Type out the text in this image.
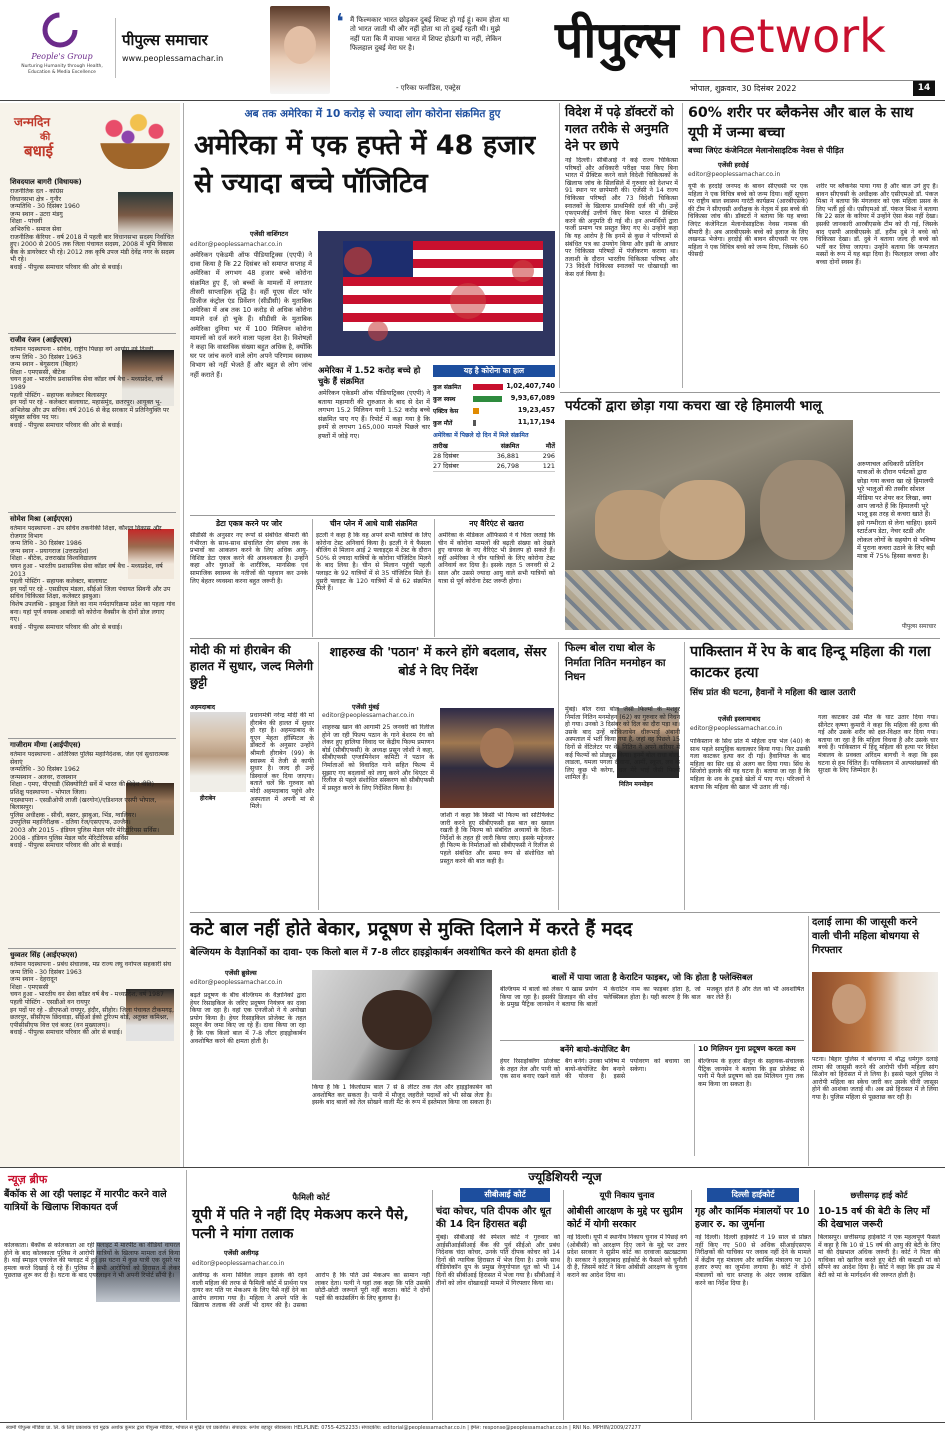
People's Group
Nurturing Humanity through Health, Education & Media Excellence
पीपुल्स समाचार
www.peoplessamachar.in
❛ मैं फिल्मकार भारत छोड़कर दुबई शिफ्ट हो गई हूं। काम होता था तो भारत जाती थी और नहीं होता था तो दुबई रहती थी। मुझे नहीं पता कि मैं वापस भारत में शिफ्ट होऊंगी या नहीं, लेकिन फिलहाल दुबई मेरा घर है।
- एरिका फर्नांडिस, एक्ट्रेस
पीपुल्स network
भोपाल, शुक्रवार, 30 दिसंबर 2022	14
जन्मदिन
की
बधाई
शिवदयाल बागरी (विधायक)
राजनीतिक दल - कांग्रेस
विधानसभा क्षेत्र - गुनौर
जन्मतिथि - 30 दिसंबर 1960
जन्म स्थान - उटरा मंडगु
शिक्षा - पांचवीं
अभिरुचि - समाज सेवा
राजनीतिक कॅरियर - वर्ष 2018 में पहली बार विधानसभा सदस्य निर्वाचित हुए। 2000 से 2005 तक जिला पंचायत सदस्य, 2008 में भूमि विकास बैंक के डायरेक्टर भी रहे। 2012 तक कृषि उपज मंडी देवेंद्र नगर के सदस्य भी रहे।
बधाई - पीपुल्स समाचार परिवार की ओर से बधाई।
राजीव रंजन (आईएएस)
वर्तमान पदस्थापना - सचिव, राष्ट्रीय पिछड़ा वर्ग आयोग नई दिल्ली
जन्म तिथि - 30 दिसंबर 1963
जन्म स्थान - बेगूसराय (बिहार)
शिक्षा - एमएससी, बीटेक
चयन हुआ - भारतीय प्रशासनिक सेवा कॉडर वर्ष बैच - मध्यप्रदेश, वर्ष 1989
पहली पोस्टिंग - सहायक कलेक्टर बिलासपुर
इन पदों पर रहे - कलेक्टर बालाघाट, महासमुंद, छतरपुर। आयुक्त भू-अभिलेख और उप सचिव। वर्ष 2016 से केंद्र सरकार में प्रतिनियुक्ति पर संयुक्त सचिव पद पर।
बधाई - पीपुल्स समाचार परिवार की ओर से बधाई।
सोमेश मिश्रा (आईएएस)
वर्तमान पदस्थापना - उप सचिव तकनीकी शिक्षा, कौशल विकास और रोजगार विभाग
जन्म तिथि - 30 दिसंबर 1986
जन्म स्थान - प्रयागराज (उत्तरप्रदेश)
शिक्षा - बीटेक, उत्तराखंड विश्वविद्यालय
चयन हुआ - भारतीय प्रशासनिक सेवा कॉडर वर्ष बैच - मध्यप्रदेश, वर्ष 2013
पहली पोस्टिंग - सहायक कलेक्टर, बालाघाट
इन पदों पर रहे - एसडीएम मंडला, सीईओ जिला पंचायत सिवनी और उप सचिव चिकित्सा शिक्षा, कलेक्टर झाबुआ।
विशेष उपलब्धि - झाबुआ जिले का नाम नर्मदापरिक्रमा प्रदेश का पहला गांव बना। यहां पूर्ण वयस्क आबादी को कोरोना वैक्सीन के दोनों डोज लगाए गए।
बधाई - पीपुल्स समाचार परिवार की ओर से बधाई।
गाजीराम मीणा (आईपीएस)
वर्तमान पदस्थापना - अतिरिक्त पुलिस महानिदेशक, जेल एवं सुधारात्मक सेवाएं
जन्मतिथि - 30 दिसंबर 1962
जन्मस्थान - अलवर, राजस्थान
शिक्षा - एमए, पीएचडी (सिक्योरिटी सर्वे में भारत की विदेश नीति)
प्रशिक्षु पदस्थापना - भोपाल जिला।
पदस्थापना - एसडीओपी लाजी (खरगोन)/एडिशनल एसपी भोपाल, बिलासपुर।
पुलिस अधीक्षक - सीधी, बस्तर, झाबुआ, भिंड, ग्वालियर।
उपपुलिस महानिरीक्षक - दतिया रेंज/एसएएफ, उज्जैन।
2003 और 2015 - इंडियन पुलिस मेडल फॉर मेरिटोरियस सर्विस। 2008 - इंडियन पुलिस मेडल फॉर मेरिटोरियस सर्विस
बधाई - पीपुल्स समाचार परिवार की ओर से बधाई।
धुव्वतर सिंह (आईएफएस)
वर्तमान पदस्थापना - प्रबंध संचालक, मप्र राज्य लघु वनोपज सहकारी संघ
जन्म तिथि - 30 दिसंबर 1963
जन्म स्थान - देहरादून
शिक्षा - एमएससी
चयन हुआ - भारतीय वन सेवा कॉडर वर्ष बैच - मध्यप्रदेश, वर्ष 1987
पहली पोस्टिंग - एसडीओ वन रायपुर
इन पदों पर रहे - डीएफओ रायपुर, इंदौर, सीहोर। जिला पंचायत टीकमगढ़, छतरपुर, सीसीएफ छिंदवाड़ा, सीईओ ईको टूरिज्म बोर्ड, अतुक्त कमिश्नर, एपीसीसीएफ वित्त एवं बजट (वन मुख्यालय)।
बधाई - पीपुल्स समाचार परिवार की ओर से बधाई।
अब तक अमेरिका में 10 करोड़ से ज्यादा लोग कोरोना संक्रमित हुए
अमेरिका में एक हफ्ते में 48 हजार से ज्यादा बच्चे पॉजिटिव
एजेंसी वाशिंगटन
editor@peoplessamachar.co.in
अमेरिकन एकेडमी ऑफ पीडियाट्रिक्स (एएपी) ने दावा किया है कि 22 दिसंबर को समाप्त सप्ताह में अमेरिका में लगभग 48 हजार बच्चे कोरोना संक्रमित हुए हैं, जो बच्चों के मामलों में लगातार तीसरी साप्ताहिक वृद्धि है। वहीं यूएस सेंटर फॉर डिजीज कंट्रोल एंड प्रिवेंशन (सीडीसी) के मुताबिक अमेरिका में अब तक 10 करोड़ से अधिक कोरोना मामले दर्ज हो चुके हैं। सीडीसी के मुताबिक अमेरिका दुनिया भर में 100 मिलियन कोरोना मामलों को दर्ज करने वाला पहला देश है। विशेषज्ञों ने कहा कि वास्तविक संख्या बहुत अधिक है, क्योंकि घर पर जांच करने वाले लोग अपने परिणाम स्वास्थ्य विभाग को नहीं भेजते हैं और बहुत से लोग जांच नहीं कराते हैं।	अमेरिका में 1.52 करोड़ बच्चे हो चुके हैं संक्रमित
अमेरिकन एकेडमी ऑफ पीडियाट्रिक्स (एएपी) ने बताया महामारी की शुरुआत के बाद से देश में लगभग 15.2 मिलियन यानी 1.52 करोड़ बच्चे संक्रमित पाए गए हैं। रिपोर्ट में कहा गया है कि इनमें से लगभग 165,000 मामले पिछले चार हफ्तों में जोड़े गए।
यह है कोरोना का हाल
कुल संक्रमित	1,02,407,740
कुल स्वस्थ	9,93,67,089
एक्टिव केस	19,23,457
कुल मौतें	11,17,194
अमेरिका में पिछले दो दिन में मिले संक्रमित
तारीख	संक्रमित	मौतें
28 दिसंबर	36,881	296
27 दिसंबर	26,798	121
डेटा एकत्र करने पर जोर
सीडीसी के अनुसार नए रूपों से संबंधित बीमारी की गंभीरता के साथ-साथ संचालित रोग संचय तक के प्रभावों का आकलन करने के लिए अधिक आयु-विशिष्ट डेटा एकत्र करने की आवश्यकता है। उन्होंने कहा और युवाओं के शारीरिक, मानसिक एवं सामाजिक स्वास्थ्य के नतीजों की पहचान कर उनके लिए बेहतर व्यवस्था करना बहुत जरूरी है।
चीन प्लेन में आधे यात्री संक्रमित
इटली ने कहा है कि वह अपने सभी यात्रियों के लिए कोरोना टेस्ट अनिवार्य किया है। इटली ने ये फैसला बीजिंग से मिलान आई 2 फ्लाइट्स में टेस्ट के दौरान 50% से ज्यादा यात्रियों के कोरोना पॉजिटिव मिलने के बाद लिया है। चीन से मिलान पहुंची पहली फ्लाइट के 92 यात्रियों में से 35 पॉजिटिव मिले हैं। दूसरी फ्लाइट के 120 यात्रियों में से 62 संक्रमित मिले हैं।
नए वैरिएंट से खतरा
अमेरिका के मेडिकल ऑफिसर्स ने ये चिंता जताई कि चीन में कोरोना मामलों की बढ़ती संख्या को देखते हुए वायरस के नए वैरिएंट भी डेवलप हो सकते हैं। वहीं अमेरिका ने चीन यात्रियों के लिए कोरोना टेस्ट अनिवार्य कर दिया है। इसके तहत 5 जनवरी से 2 साल और उससे ज्यादा आयु वाले सभी यात्रियों को यात्रा से पूर्व कोरोना टेस्ट जरूरी होगा।
विदेश में पढ़े डॉक्टरों को गलत तरीके से अनुमति देने पर छापे
नई दिल्ली। सीबीआई ने कई राज्य चिकित्सा परिषदों और अधिकारी परीक्षा पास किए बिना भारत में प्रैक्टिस करने वाले विदेशी चिकित्सकों के खिलाफ जांच के सिलसिले में गुरुवार को देशभर में 91 स्थान पर छापेमारी की। एजेंसी ने 14 राज्य चिकित्सा परिषदों और 73 विदेशी चिकित्सा स्नातकों के खिलाफ प्राथमिकी दर्ज की थी। उन्हें एफएमजीई उत्तीर्ण किए बिना भारत में प्रैक्टिस करने की अनुमति दी गई थी। इन अभ्यर्थियों द्वारा फर्जी प्रमाण पत्र प्रस्तुत किए गए थे। उन्होंने कहा कि यह आरोप है कि इनमें से कुछ ने परिणामों से संबंधित पत्र का उपयोग किया और इसी के आधार पर चिकित्सा परिषदों में पंजीकरण कराया था। तलाशी के दौरान भारतीय चिकित्सा परिषद और 73 विदेशी चिकित्सा स्नातकों पर धोखाधड़ी का केस दर्ज किया है।
60% शरीर पर ब्लैकनेस और बाल के साथ यूपी में जन्मा बच्चा
बच्चा जिएंट कंजेनिटल मेलानोसाइटिक नेवस से पीड़ित
एजेंसी हरदोई
editor@peoplessamachar.co.in
यूपी के हरदोई जनपद के बावन सीएचसी पर एक महिला ने एक विचित्र बच्चे को जन्म दिया। वहीं सूचना पर राष्ट्रीय बाल स्वास्थ्य गारंटी कार्यक्रम (आरबीएसके) की टीम ने सीएचसी अधीक्षक के नेतृत्व में इस बच्चे की चिकित्सा जांच की। डॉक्टरों ने बताया कि यह बच्चा जिएंट कंजेनिटल मेलानोसाइटिक नेवस नामक की बीमारी है। अब आरबीएसके बच्चे को इलाज के लिए लखनऊ भेजेगा। हरदोई की बावन सीएचसी पर एक महिला ने एक विचित्र बच्चे को जन्म दिया, जिसके 60 फीसदी
शरीर पर ब्लैकनेस पाया गया है और बाल उगे हुए हैं। बावन सीएचसी के अधीक्षक और एसीएमओ डॉ. पंकज मिश्रा ने बताया कि मंगलवार को एक महिला प्रसव के लिए भर्ती हुई थी। एसीएमओ डॉ. पंकज मिश्रा ने बताया कि 22 साल के करियर में उन्होंने ऐसा केस नहीं देखा। इसकी जानकारी आरबीएसके टीम को दी गई, जिसके बाद एसपी आरबीएसके डॉ. हरीम दुबे ने बच्चे को चिकित्सा देखा। डॉ. दुबे ने बताया जल्द ही बच्चे को भर्ती कर लिया जाएगा। उन्होंने बताया कि जन्मजात मस्सों के रूप में यह बढ़ा दिया है। फिलहाल जच्चा और बच्चा दोनों स्वस्थ हैं।
पर्यटकों द्वारा छोड़ा गया कचरा खा रहे हिमालयी भालू
अरुणाचल अधिकारी प्रतिदिन यात्राओं के दौरान पर्यटकों द्वारा छोड़ा गया कचरा खा रहे हिमालयी भूरे भालुओं की तस्वीर सोशल मीडिया पर शेयर कर लिखा, क्या आप जानते हैं कि हिमालयी भूरे भालू इस तरह से कचरा खाते हैं। इसे गम्भीरता से लेना चाहिए। इसमें स्टार्टअप डेटा, नेचर स्टडी और लोकल लोगों के सहयोग से भविष्य में पुराना कचरा उठाने के लिए बड़ी मात्रा में 75% हिस्सा कचरा है।
पीपुल्स समाचार
मोदी की मां हीराबेन की हालत में सुधार, जल्द मिलेगी छुट्टी
अहमदाबाद
हीराबेन
प्रधानमंत्री नरेन्द्र मोदी की मां हीराबेन की हालत में सुधार हो रहा है। अहमदाबाद के यूएन मेहता हॉस्पिटल के डॉक्टरों के अनुसार उन्होंने श्रीमती हीराबेन (99) के स्वास्थ्य में तेजी से काफी सुधार है। जल्द ही उन्हें डिस्चार्ज कर दिया जाएगा। बताते चलें कि गुरुवार को मोदी अहमदाबाद पहुंचे और अस्पताल में अपनी मां से मिले।
शाहरुख की 'पठान' में करने होंगे बदलाव, सेंसर बोर्ड ने दिए निर्देश
एजेंसी मुंबई
editor@peoplessamachar.co.in
शाहरुख खान की आगामी 25 जनवरी को रिलीज होने जा रही फिल्म पठान के गाने बेशरम रंग को लेकर हुए हालिया विवाद पर केंद्रीय फिल्म प्रमाणन बोर्ड (सीबीएफसी) के अध्यक्ष प्रसून जोशी ने कहा, सीबीएफसी एग्जामिनेशन कमिटी ने पठान के निर्माताओं को विवादित गाने सहित फिल्म में सुझाए गए बदलावों को लागू करने और थिएटर में रिलीज से पहले संशोधित संस्करण को सीबीएफसी में प्रस्तुत करने के लिए निर्देशित किया है।
जोशी ने कहा कि किसी भी फिल्म को सर्टिफिकेट जारी करने हुए सीबीएफसी इस बात का ख्याल रखती है कि फिल्म को संबंधित अध्यायों के दिशा-निर्देशों के तहत ही जारी किया जाए। इसके मद्देनजर ही फिल्म के निर्माताओं को सीबीएफसी ने रिलीज से पहले संबंधित और समग्र रूप से संशोधित को प्रस्तुत करने की बात कही है।
फिल्म बोल राधा बोल के निर्माता नितिन मनमोहन का निधन
नितिन मनमोहन
मुंबई। बोल राधा बोल जैसी फिल्मों के मशहूर निर्माता नितिन मनमोहन (62) का गुरुवार को निधन हो गया। उनको 3 दिसंबर को दिल का दौरा पड़ा था। उसके बाद उन्हें कोकिलाबेन धीरूभाई अंबानी अस्पताल में भर्ती किया गया है, जहां वह पिछले 15 दिनों से वेंटिलेटर पर थे। नितिन ने अपने करियर में कई फिल्मों को प्रोड्यूस किया। इनमें बोल राधा बोल, लाडला, यमला पगला दीवाना, आर्मी, स्कूल, लव के लिए कुछ भी करेगा, चल मेरे भाई जैसी फिल्में शामिल हैं।
पाकिस्तान में रेप के बाद हिन्दू महिला की गला काटकर हत्या
सिंध प्रांत की घटना, हैवानों ने महिला की खाल उतारी
एजेंसी इस्लामाबाद
editor@peoplessamachar.co.in
पाकिस्तान के सिंध प्रांत में महिला दया भेल (40) के साथ पहले सामूहिक बलात्कार किया गया। फिर उसकी गला काटकर हत्या कर दी गई। हैवानियत के बाद महिला का सिर धड़ से अलग कर दिया गया। सिंध के सिंजोरो इलाके की यह घटना है। बताया जा रहा है कि महिला के शव के टुकड़े खेतों में पाए गए। परिजनों ने बताया कि महिला की खाल भी उतार ली गई।
गला काटकर उसे मौत के घाट उतार दिया गया। सीनेटर कृष्णा कुमारी ने कहा कि महिला की हत्या की गई और उसके शरीर को क्षत-विक्षत कर दिया गया। बताया जा रहा है कि महिला विधवा है और उसके चार बच्चे हैं। पाकिस्तान में हिंदू महिला की हत्या पर विदेश मंत्रालय के प्रवक्ता अरिंदम बागची ने कहा कि इस घटना से हम चिंतित हैं। पाकिस्तान में अल्पसंख्यकों की सुरक्षा के लिए जिम्मेदार है।
कटे बाल नहीं होते बेकार, प्रदूषण से मुक्ति दिलाने में करते हैं मदद
बेल्जियम के वैज्ञानिकों का दावा- एक किलो बाल में 7-8 लीटर हाइड्रोकार्बन अवशोषित करने की क्षमता होती है
एजेंसी ब्रुसेल्स
editor@peoplessamachar.co.in
बढ़ते प्रदूषण के बीच बेल्जियम के वैज्ञानिकों द्वारा हेयर रिसाइकिल के जरिए प्रदूषण नियंत्रण का दावा किया जा रहा है। वहां एक एनजीओ ने ये अनोखा प्रयोग किया है। हेयर रिसाइकिल प्रोजेक्ट के तहत सलून बैग जमा किए जा रहे हैं। दावा किया जा रहा है कि एक किलो बाल में 7-8 लीटर हाइड्रोकार्बन अवशोषित करने की क्षमता होती है।
किया है कि 1 किलोग्राम बाल 7 से 8 लीटर तक तेल और हाइड्रोकार्बन को अवशोषित कर सकता है। पानी में मौजूद जहरीले पदार्थों को भी सोख लेता है। इसके बाद बालों को तेल सोखने वाली मैट के रूप में इस्तेमाल किया जा सकता है।
बालों में पाया जाता है केराटिन फाइबर, जो कि होता है फ्लेक्सिबल
बेल्जियम में बालों को लेकर ये खास प्रयोग किया जा रहा है। इसकी डिजाइन की शोध के प्रमुख पैट्रिक जानसेन ने बताया कि बालों में केराटिन नाम का फाइबर होता है, जो फ्लेक्सिबल होता है। यही कारण है कि बाल मजबूत होते हैं और तेल को भी अवशोषित कर लेते हैं।
बनेंगे बायो-कंपोजिट बैग
हेयर रिसाइक्लिंग प्रोजेक्ट के तहत तेल और पानी को एक साथ बनाए रखने वाले बैग बनेंगे। उनका भविष्य में बायो-कंपोजिट बैग बनाने की योजना है। इससे पर्यावरण को बचाया जा सकेगा।
10 मिलियन गुना प्रदूषण करता कम
बेल्जियम के हज़ार सैलून के सहायक-संचालक पैट्रिक जानसेन ने बताया कि इस प्रोजेक्ट से पानी में फैले प्रदूषण को दस मिलियन गुना तक कम किया जा सकता है।
दलाई लामा की जासूसी करने वाली चीनी महिला बोधगया से गिरफ्तार
पटना। बिहार पुलिस ने बोधगया में बौद्ध धर्मगुरु दलाई लामा की जासूसी करने की आरोपी चीनी महिला सांग सिओन को हिरासत में ले लिया है। इससे पहले पुलिस ने आरोपी महिला का स्केच जारी कर उसके चीनी जासूस होने की आशंका जताई थी। अब उसे हिरासत में ले लिया गया है। पुलिस महिला से पूछताछ कर रही है।
न्यूज़ ब्रीफ
बैंकॉक से आ रही फ्लाइट में मारपीट करने वाले यात्रियों के खिलाफ शिकायत दर्ज
कोलकाता। बैंकॉक से कोलकाता आ रही फ्लाइट में मारपीट का वीडियो वायरल होने के बाद कोलकाता पुलिस ने आरोपी यात्रियों के खिलाफ मामला दर्ज किया है। थाई स्माइल एयरवेज की फ्लाइट में हुई इस घटना में कुछ यात्री एक दूसरे पर हमला करते दिखाई दे रहे हैं। पुलिस ने सभी आरोपियों को हिरासत में लेकर पूछताछ शुरू कर दी है। घटना के बाद एयरलाइन ने भी अपनी रिपोर्ट सौंपी है।
ज्यूडिशियरी न्यूज
फैमिली कोर्ट
यूपी में पति ने नहीं दिए मेकअप करने पैसे, पत्नी ने मांगा तलाक
एजेंसी अलीगढ़
editor@peoplessamachar.co.in
अलीगढ़ के थाना सिविल लाइन इलाके की रहने वाली महिला की तरफ से फैमिली कोर्ट में प्रार्थना पत्र दायर कर पति पर मेकअप के लिए पैसे नहीं देने का आरोप लगाया गया है। महिला ने अपने पति के खिलाफ तलाक की अर्जी भी दायर की है। उसका आरोप है कि पति उसे मेकअप का सामान नहीं लाकर देता। पत्नी ने यहां तक कहा कि पति उसकी छोटी-छोटी जरूरतें पूरी नहीं करता। कोर्ट ने दोनों पक्षों की काउंसलिंग के लिए बुलाया है।
सीबीआई कोर्ट
चंदा कोचर, पति दीपक और धूत की 14 दिन हिरासत बढ़ी
मुंबई। सीबीआई की स्पेशल कोर्ट ने गुरुवार को आईसीआईसीआई बैंक की पूर्व सीईओ और प्रबंध निदेशक चंदा कोचर, उनके पति दीपक कोचर को 14 दिनों की न्यायिक हिरासत में भेज दिया है। उनके साथ वीडियोकॉन ग्रुप के प्रमुख वेणुगोपाल धूत को भी 14 दिनों की सीबीआई हिरासत में भेजा गया है। सीबीआई ने तीनों को लोन धोखाधड़ी मामले में गिरफ्तार किया था।
यूपी निकाय चुनाव
ओबीसी आरक्षण के मुद्दे पर सुप्रीम कोर्ट में योगी सरकार
नई दिल्ली। यूपी में स्थानीय निकाय चुनाव में पिछड़े वर्ग (ओबीसी) को आरक्षण दिए जाने के मुद्दे पर उत्तर प्रदेश सरकार ने सुप्रीम कोर्ट का दरवाजा खटखटाया है। सरकार ने इलाहाबाद हाईकोर्ट के फैसले को चुनौती दी है, जिसमें कोर्ट ने बिना ओबीसी आरक्षण के चुनाव कराने का आदेश दिया था।
दिल्ली हाईकोर्ट
गृह और कार्मिक मंत्रालयों पर 10 हजार रु. का जुर्माना
नई दिल्ली। दिल्ली हाईकोर्ट ने 19 साल से प्रोन्नत नहीं किए गए 500 से अधिक सीआईएसएफ निरीक्षकों की याचिका पर जवाब नहीं देने के मामले में केंद्रीय गृह मंत्रालय और कार्मिक मंत्रालय पर 10 हजार रुपए का जुर्माना लगाया है। कोर्ट ने दोनों मंत्रालयों को चार सप्ताह के अंदर जवाब दाखिल करने का निर्देश दिया है।
छत्तीसगढ़ हाई कोर्ट
10-15 वर्ष की बेटी के लिए माँ की देखभाल जरूरी
बिलासपुर। छत्तीसगढ़ हाईकोर्ट ने एक महत्वपूर्ण फैसले में कहा है कि 10 से 15 वर्ष की आयु की बेटी के लिए मां की देखभाल अधिक जरूरी है। कोर्ट ने पिता की याचिका को खारिज करते हुए बेटी की कस्टडी मां को सौंपने का आदेश दिया है। कोर्ट ने कहा कि इस उम्र में बेटी को मां के मार्गदर्शन की जरूरत होती है।
स्वामी पीपुल्स मीडिया प्रा. लि. के लिए प्रकाशक एवं मुद्रक अशोक कुमार द्वारा पीपुल्स मीडिया, भोपाल से मुद्रित एवं प्रकाशित। संपादक: रूपेश बहादुर श्रीवास्तव। HELPLINE: 0755-4252233। संपादकीय: editorial@peoplessamachar.co.in | ईमेल: response@peoplessamachar.co.in | RNI No. MPHIN/2009/27277
